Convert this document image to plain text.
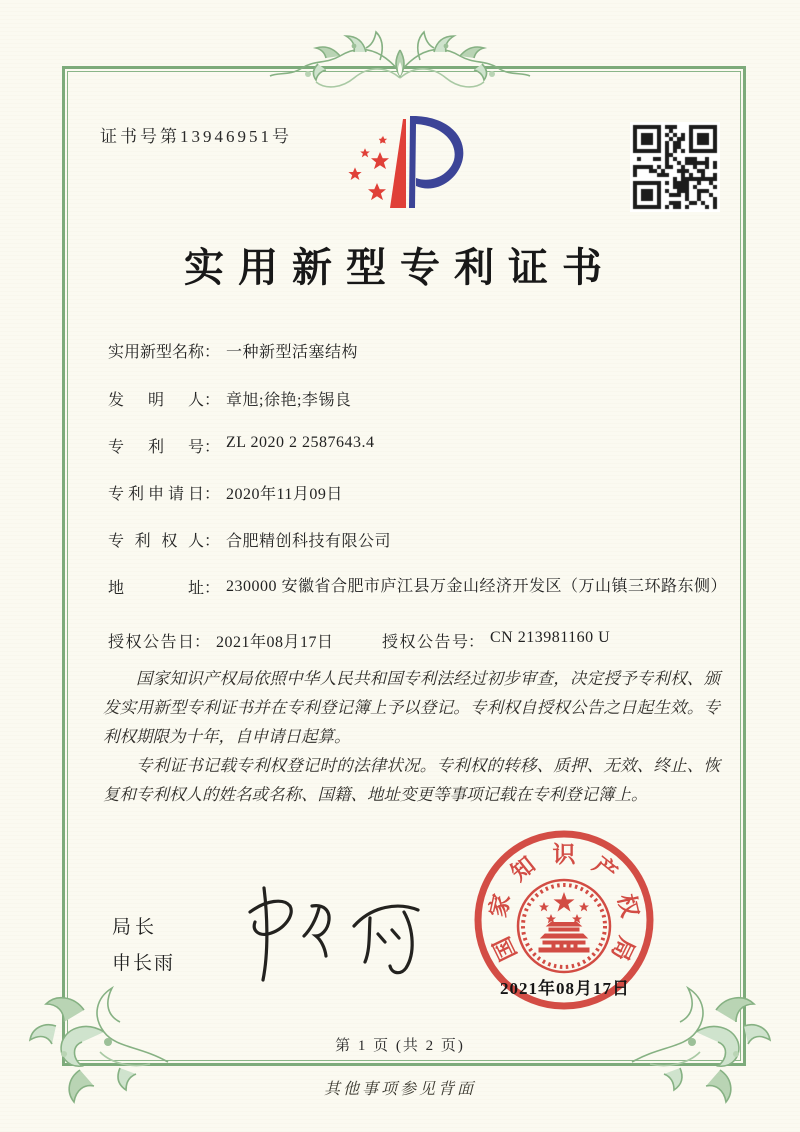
证书号第13946951号
实用新型专利证书
实用新型名称： 一种新型活塞结构
发明人： 章旭;徐艳;李锡良
专利号： ZL 2020 2 2587643.4
专利申请日： 2020年11月09日
专利权人： 合肥精创科技有限公司
地址： 230000 安徽省合肥市庐江县万金山经济开发区（万山镇三环路东侧）
授权公告日： 2021年08月17日	授权公告号： CN 213981160 U

国家知识产权局依照中华人民共和国专利法经过初步审查，决定授予专利权、颁发实用新型专利证书并在专利登记簿上予以登记。专利权自授权公告之日起生效。专利权期限为十年，自申请日起算。

专利证书记载专利权登记时的法律状况。专利权的转移、质押、无效、终止、恢复和专利权人的姓名或名称、国籍、地址变更等事项记载在专利登记簿上。

局长
申长雨	国
家
知 识 产
权
局
2021年08月17日
第 1 页 (共 2 页)
其他事项参见背面
